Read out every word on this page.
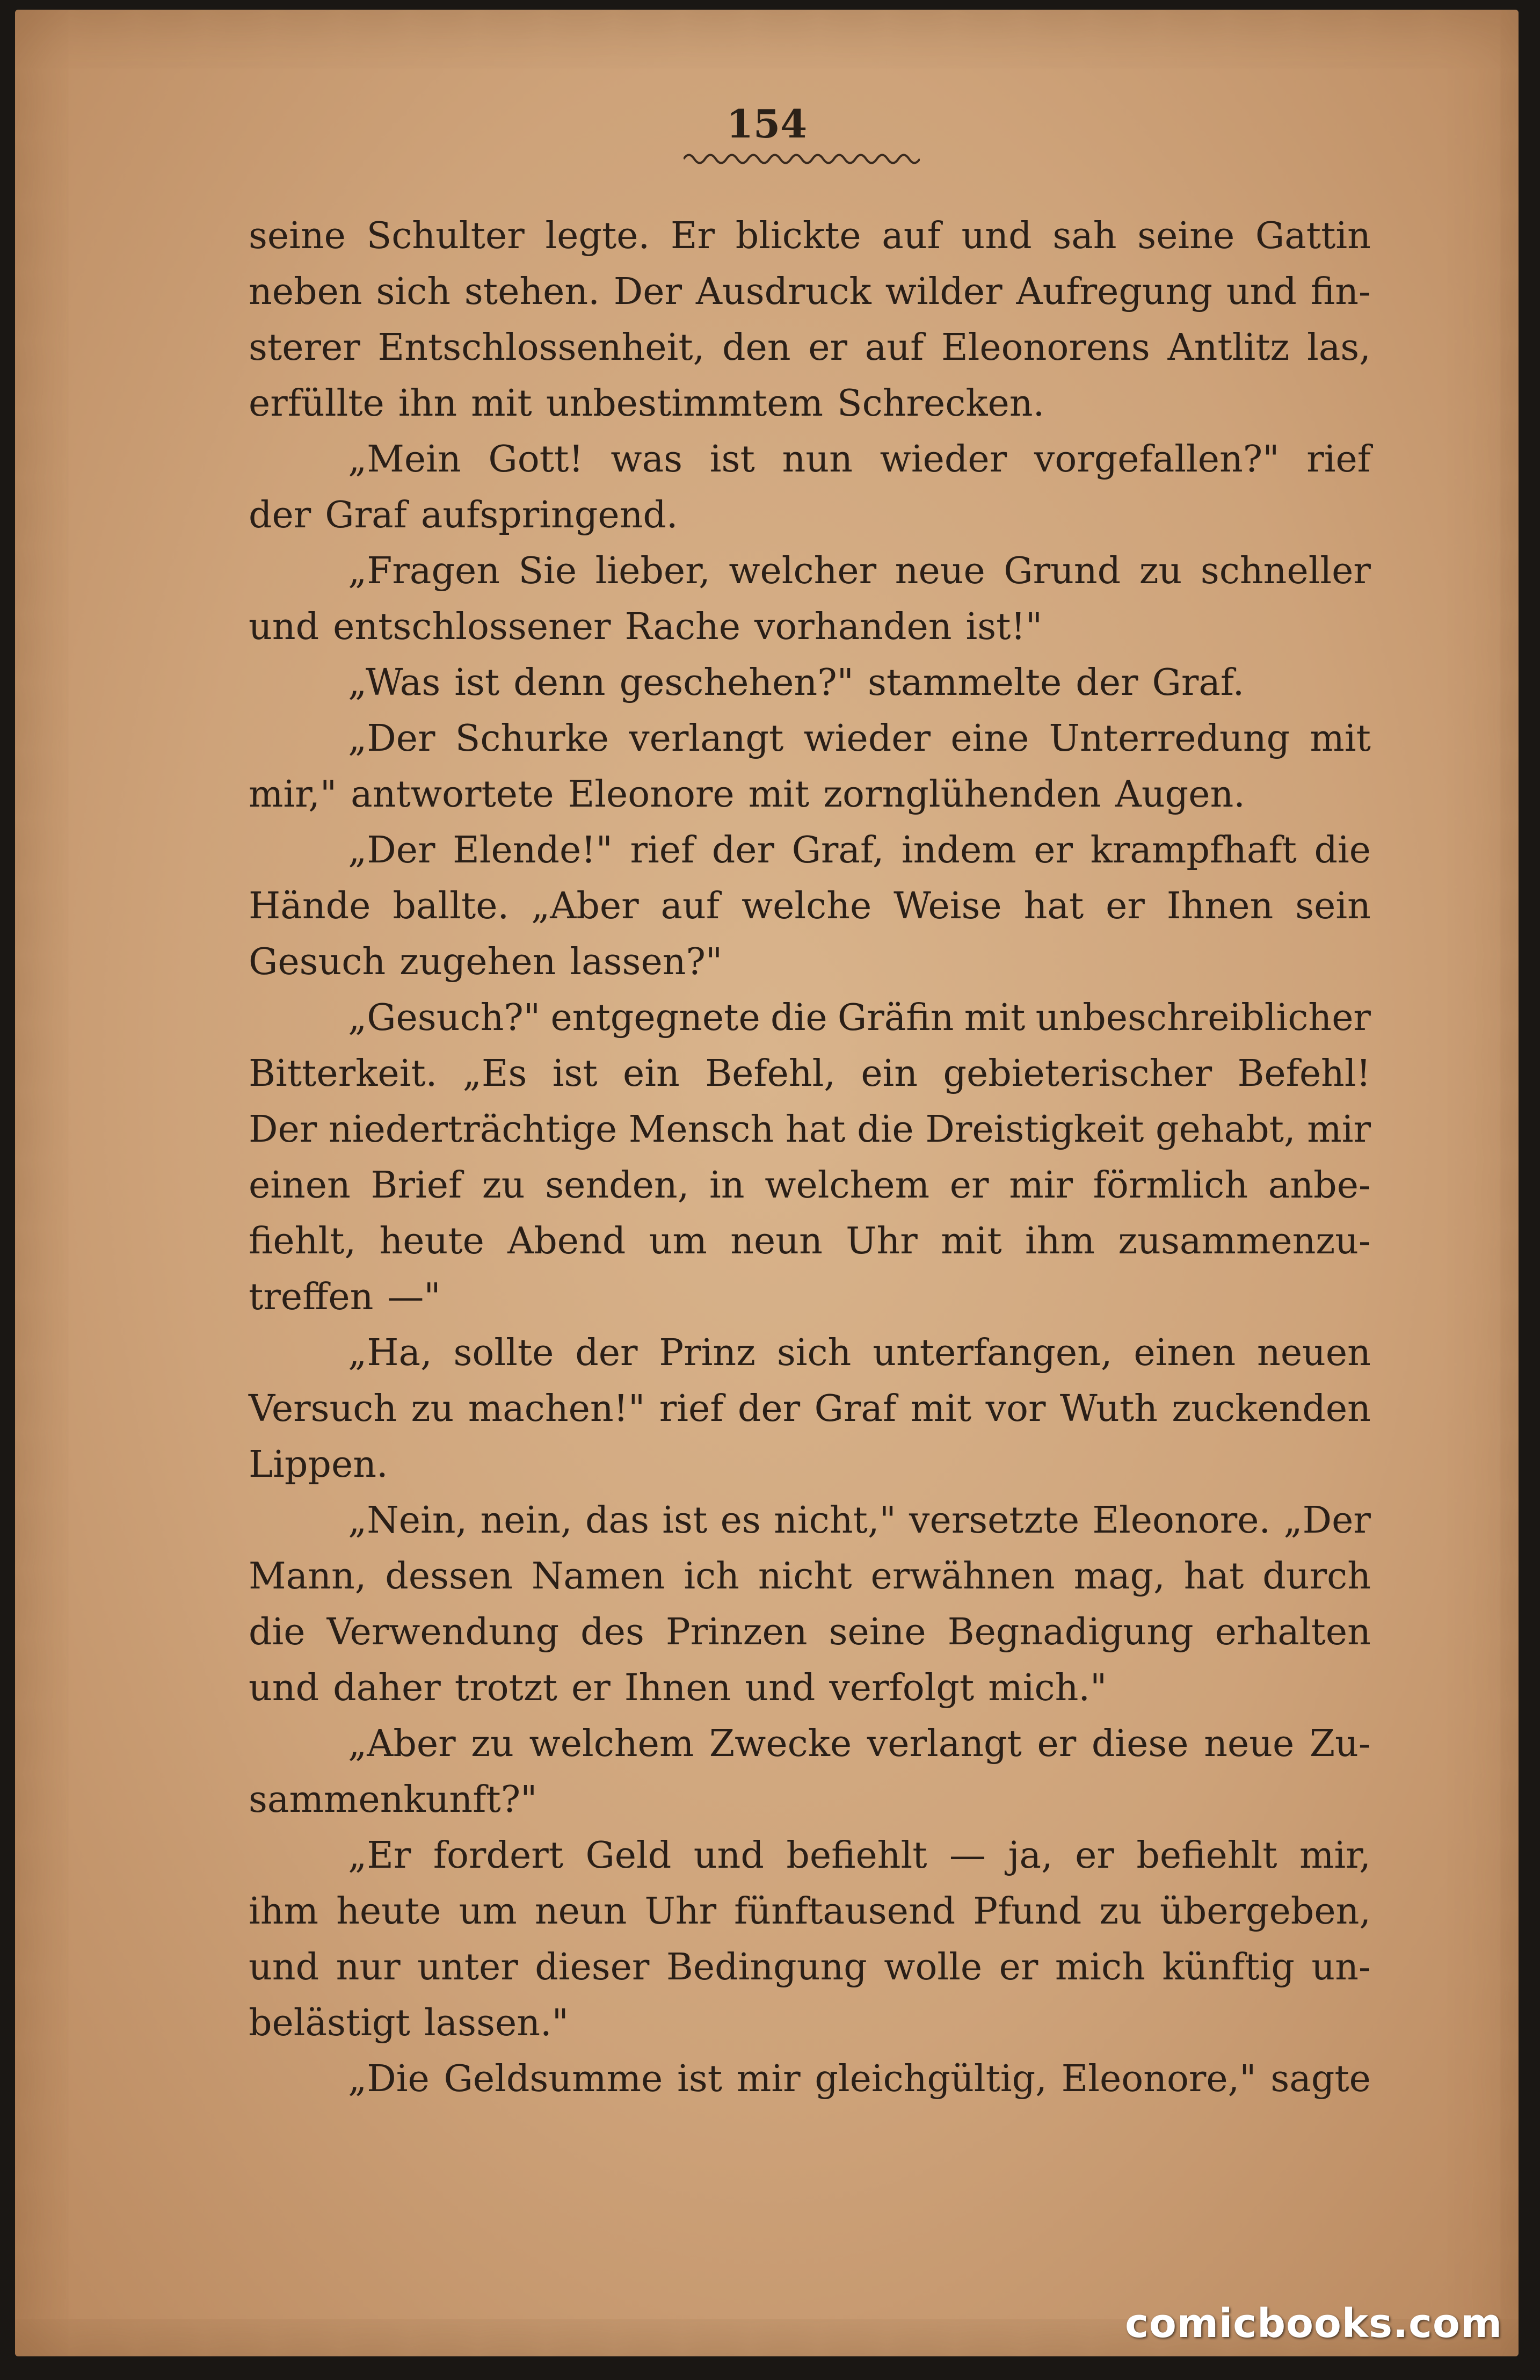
154
seine Schulter legte. Er blickte auf und sah seine Gattin
neben sich stehen. Der Ausdruck wilder Aufregung und fin-
sterer Entschlossenheit, den er auf Eleonorens Antlitz las,
erfüllte ihn mit unbestimmtem Schrecken.
„Mein Gott! was ist nun wieder vorgefallen?" rief
der Graf aufspringend.
„Fragen Sie lieber, welcher neue Grund zu schneller
und entschlossener Rache vorhanden ist!"
„Was ist denn geschehen?" stammelte der Graf.
„Der Schurke verlangt wieder eine Unterredung mit
mir," antwortete Eleonore mit zornglühenden Augen.
„Der Elende!" rief der Graf, indem er krampfhaft die
Hände ballte. „Aber auf welche Weise hat er Ihnen sein
Gesuch zugehen lassen?"
„Gesuch?" entgegnete die Gräfin mit unbeschreiblicher
Bitterkeit. „Es ist ein Befehl, ein gebieterischer Befehl!
Der niederträchtige Mensch hat die Dreistigkeit gehabt, mir
einen Brief zu senden, in welchem er mir förmlich anbe-
fiehlt, heute Abend um neun Uhr mit ihm zusammenzu-
treffen —"
„Ha, sollte der Prinz sich unterfangen, einen neuen
Versuch zu machen!" rief der Graf mit vor Wuth zuckenden
Lippen.
„Nein, nein, das ist es nicht," versetzte Eleonore. „Der
Mann, dessen Namen ich nicht erwähnen mag, hat durch
die Verwendung des Prinzen seine Begnadigung erhalten
und daher trotzt er Ihnen und verfolgt mich."
„Aber zu welchem Zwecke verlangt er diese neue Zu-
sammenkunft?"
„Er fordert Geld und befiehlt — ja, er befiehlt mir,
ihm heute um neun Uhr fünftausend Pfund zu übergeben,
und nur unter dieser Bedingung wolle er mich künftig un-
belästigt lassen."
„Die Geldsumme ist mir gleichgültig, Eleonore," sagte
comicbooks.com
